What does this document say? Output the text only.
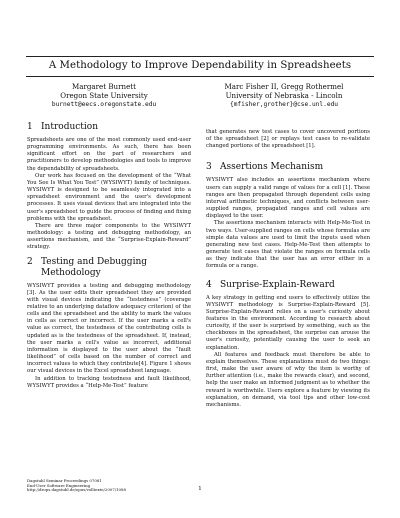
A Methodology to Improve Dependability in Spreadsheets
Margaret Burnett
Oregon State University
burnett@eecs.oregonstate.edu
Marc Fisher II, Gregg Rothermel
University of Nebraska - Lincoln
{mfisher,grother}@cse.unl.edu
1 Introduction

Spreadsheets are one of the most commonly used end-user programming environments. As such, there has been significant effort on the part of researchers and practitioners to develop methodologies and tools to improve the dependability of spreadsheets.

Our work has focused on the development of the “What You See Is What You Test” (WYSIWYT) family of techniques. WYSIWYT is designed to be seamlessly integrated into a spreadsheet environment and the user's development processes. It uses visual devices that are integrated into the user's spreadsheet to guide the process of finding and fixing problems with the spreadsheet.

There are three major components to the WYSIWYT methodology: a testing and debugging methodology, an assertions mechanism, and the “Surprise-Explain-Reward” strategy.

2 Testing and Debugging
Methodology

WYSIWYT provides a testing and debugging methodology [3]. As the user edits their spreadsheet they are provided with visual devices indicating the “testedness” (coverage relative to an underlying dataflow adequacy criterion) of the cells and the spreadsheet and the ability to mark the values in cells as correct or incorrect. If the user marks a cell's value as correct, the testedness of the contributing cells is updated as is the testedness of the spreadsheet. If, instead, the user marks a cell's value as incorrect, additional information is displayed to the user about the “fault likelihood” of cells based on the number of correct and incorrect values to which they contribute[4]. Figure 1 shows our visual devices in the Excel spreadsheet language.

In addition to tracking testedness and fault likelihood, WYSIWYT provides a “Help-Me-Test” feature

that generates new test cases to cover uncovered portions of the spreadsheet [2] or replays test cases to re-validate changed portions of the spreadsheet [1].

3 Assertions Mechanism

WYSIWYT also includes an assertions mechanism where users can supply a valid range of values for a cell [1]. These ranges are then propagated through dependent cells using interval arithmetic techniques, and conflicts between user-supplied ranges, propagated ranges and cell values are displayed to the user.

The assertions mechanism interacts with Help-Me-Test in two ways. User-supplied ranges on cells whose formulas are simple data values are used to limit the inputs used when generating new test cases. Help-Me-Test then attempts to generate test cases that violate the ranges on formula cells as they indicate that the user has an error either in a formula or a range.

4 Surprise-Explain-Reward

A key strategy in getting end users to effectively utilize the WYSIWYT methodology is Surprise-Explain-Reward [5]. Surprise-Explain-Reward relies on a user's curiosity about features in the environment. According to research about curiosity, if the user is surprised by something, such as the checkboxes in the spreadsheet, the surprise can arouse the user's curiosity, potentially causing the user to seek an explanation.

All features and feedback must therefore be able to explain themselves. These explanations must do two things: first, make the user aware of why the item is worthy of further attention (i.e., make the rewards clear), and second, help the user make an informed judgment as to whether the reward is worthwhile. Users explore a feature by viewing its explanation, on demand, via tool tips and other low-cost mechanisms.

Dagstuhl Seminar Proceedings 07081
End-User Software Engineering
http://drops.dagstuhl.de/opus/volltexte/2007/1088	1
